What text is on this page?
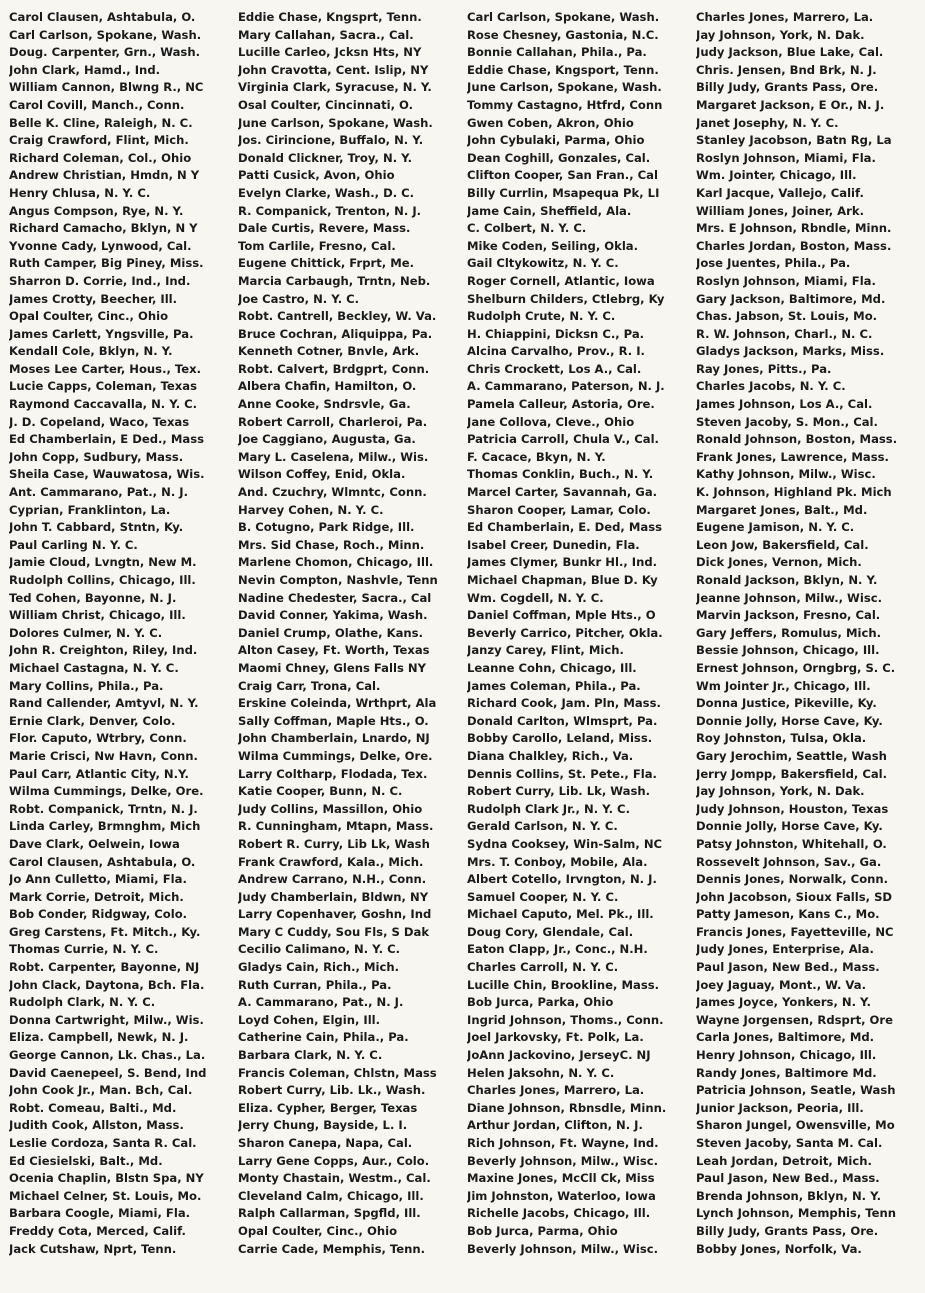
Carol Clausen, Ashtabula, O.
Carl Carlson, Spokane, Wash.
Doug. Carpenter, Grn., Wash.
John Clark, Hamd., Ind.
William Cannon, Blwng R., NC
Carol Covill, Manch., Conn.
Belle K. Cline, Raleigh, N. C.
Craig Crawford, Flint, Mich.
Richard Coleman, Col., Ohio
Andrew Christian, Hmdn, N Y
Henry Chlusa, N. Y. C.
Angus Compson, Rye, N. Y.
Richard Camacho, Bklyn, N Y
Yvonne Cady, Lynwood, Cal.
Ruth Camper, Big Piney, Miss.
Sharron D. Corrie, Ind., Ind.
James Crotty, Beecher, Ill.
Opal Coulter, Cinc., Ohio
James Carlett, Yngsville, Pa.
Kendall Cole, Bklyn, N. Y.
Moses Lee Carter, Hous., Tex.
Lucie Capps, Coleman, Texas
Raymond Caccavalla, N. Y. C.
J. D. Copeland, Waco, Texas
Ed Chamberlain, E Ded., Mass
John Copp, Sudbury, Mass.
Sheila Case, Wauwatosa, Wis.
Ant. Cammarano, Pat., N. J.
Cyprian, Franklinton, La.
John T. Cabbard, Stntn, Ky.
Paul Carling N. Y. C.
Jamie Cloud, Lvngtn, New M.
Rudolph Collins, Chicago, Ill.
Ted Cohen, Bayonne, N. J.
William Christ, Chicago, Ill.
Dolores Culmer, N. Y. C.
John R. Creighton, Riley, Ind.
Michael Castagna, N. Y. C.
Mary Collins, Phila., Pa.
Rand Callender, Amtyvl, N. Y.
Ernie Clark, Denver, Colo.
Flor. Caputo, Wtrbry, Conn.
Marie Crisci, Nw Havn, Conn.
Paul Carr, Atlantic City, N.Y.
Wilma Cummings, Delke, Ore.
Robt. Companick, Trntn, N. J.
Linda Carley, Brmnghm, Mich
Dave Clark, Oelwein, Iowa
Carol Clausen, Ashtabula, O.
Jo Ann Culletto, Miami, Fla.
Mark Corrie, Detroit, Mich.
Bob Conder, Ridgway, Colo.
Greg Carstens, Ft. Mitch., Ky.
Thomas Currie, N. Y. C.
Robt. Carpenter, Bayonne, NJ
John Clack, Daytona, Bch. Fla.
Rudolph Clark, N. Y. C.
Donna Cartwright, Milw., Wis.
Eliza. Campbell, Newk, N. J.
George Cannon, Lk. Chas., La.
David Caenepeel, S. Bend, Ind
John Cook Jr., Man. Bch, Cal.
Robt. Comeau, Balti., Md.
Judith Cook, Allston, Mass.
Leslie Cordoza, Santa R. Cal.
Ed Ciesielski, Balt., Md.
Ocenia Chaplin, Blstn Spa, NY
Michael Celner, St. Louis, Mo.
Barbara Coogle, Miami, Fla.
Freddy Cota, Merced, Calif.
Jack Cutshaw, Nprt, Tenn.
Eddie Chase, Kngsprt, Tenn.
Mary Callahan, Sacra., Cal.
Lucille Carleo, Jcksn Hts, NY
John Cravotta, Cent. Islip, NY
Virginia Clark, Syracuse, N. Y.
Osal Coulter, Cincinnati, O.
June Carlson, Spokane, Wash.
Jos. Cirincione, Buffalo, N. Y.
Donald Clickner, Troy, N. Y.
Patti Cusick, Avon, Ohio
Evelyn Clarke, Wash., D. C.
R. Companick, Trenton, N. J.
Dale Curtis, Revere, Mass.
Tom Carlile, Fresno, Cal.
Eugene Chittick, Frprt, Me.
Marcia Carbaugh, Trntn, Neb.
Joe Castro, N. Y. C.
Robt. Cantrell, Beckley, W. Va.
Bruce Cochran, Aliquippa, Pa.
Kenneth Cotner, Bnvle, Ark.
Robt. Calvert, Brdgprt, Conn.
Albera Chafin, Hamilton, O.
Anne Cooke, Sndrsvle, Ga.
Robert Carroll, Charleroi, Pa.
Joe Caggiano, Augusta, Ga.
Mary L. Caselena, Milw., Wis.
Wilson Coffey, Enid, Okla.
And. Czuchry, Wlmntc, Conn.
Harvey Cohen, N. Y. C.
B. Cotugno, Park Ridge, Ill.
Mrs. Sid Chase, Roch., Minn.
Marlene Chomon, Chicago, Ill.
Nevin Compton, Nashvle, Tenn
Nadine Chedester, Sacra., Cal
David Conner, Yakima, Wash.
Daniel Crump, Olathe, Kans.
Alton Casey, Ft. Worth, Texas
Maomi Chney, Glens Falls NY
Craig Carr, Trona, Cal.
Erskine Coleinda, Wrthprt, Ala
Sally Coffman, Maple Hts., O.
John Chamberlain, Lnardo, NJ
Wilma Cummings, Delke, Ore.
Larry Coltharp, Flodada, Tex.
Katie Cooper, Bunn, N. C.
Judy Collins, Massillon, Ohio
R. Cunningham, Mtapn, Mass.
Robert R. Curry, Lib Lk, Wash
Frank Crawford, Kala., Mich.
Andrew Carrano, N.H., Conn.
Judy Chamberlain, Bldwn, NY
Larry Copenhaver, Goshn, Ind
Mary C Cuddy, Sou Fls, S Dak
Cecilio Calimano, N. Y. C.
Gladys Cain, Rich., Mich.
Ruth Curran, Phila., Pa.
A. Cammarano, Pat., N. J.
Loyd Cohen, Elgin, Ill.
Catherine Cain, Phila., Pa.
Barbara Clark, N. Y. C.
Francis Coleman, Chlstn, Mass
Robert Curry, Lib. Lk., Wash.
Eliza. Cypher, Berger, Texas
Jerry Chung, Bayside, L. I.
Sharon Canepa, Napa, Cal.
Larry Gene Copps, Aur., Colo.
Monty Chastain, Westm., Cal.
Cleveland Calm, Chicago, Ill.
Ralph Callarman, Spgfld, Ill.
Opal Coulter, Cinc., Ohio
Carrie Cade, Memphis, Tenn.
Carl Carlson, Spokane, Wash.
Rose Chesney, Gastonia, N.C.
Bonnie Callahan, Phila., Pa.
Eddie Chase, Kngsport, Tenn.
June Carlson, Spokane, Wash.
Tommy Castagno, Htfrd, Conn
Gwen Coben, Akron, Ohio
John Cybulaki, Parma, Ohio
Dean Coghill, Gonzales, Cal.
Clifton Cooper, San Fran., Cal
Billy Currlin, Msapequa Pk, LI
Jame Cain, Sheffield, Ala.
C. Colbert, N. Y. C.
Mike Coden, Seiling, Okla.
Gail Cltykowitz, N. Y. C.
Roger Cornell, Atlantic, Iowa
Shelburn Childers, Ctlebrg, Ky
Rudolph Crute, N. Y. C.
H. Chiappini, Dicksn C., Pa.
Alcina Carvalho, Prov., R. I.
Chris Crockett, Los A., Cal.
A. Cammarano, Paterson, N. J.
Pamela Calleur, Astoria, Ore.
Jane Collova, Cleve., Ohio
Patricia Carroll, Chula V., Cal.
F. Cacace, Bkyn, N. Y.
Thomas Conklin, Buch., N. Y.
Marcel Carter, Savannah, Ga.
Sharon Cooper, Lamar, Colo.
Ed Chamberlain, E. Ded, Mass
Isabel Creer, Dunedin, Fla.
James Clymer, Bunkr Hl., Ind.
Michael Chapman, Blue D. Ky
Wm. Cogdell, N. Y. C.
Daniel Coffman, Mple Hts., O
Beverly Carrico, Pitcher, Okla.
Janzy Carey, Flint, Mich.
Leanne Cohn, Chicago, Ill.
James Coleman, Phila., Pa.
Richard Cook, Jam. Pln, Mass.
Donald Carlton, Wlmsprt, Pa.
Bobby Carollo, Leland, Miss.
Diana Chalkley, Rich., Va.
Dennis Collins, St. Pete., Fla.
Robert Curry, Lib. Lk, Wash.
Rudolph Clark Jr., N. Y. C.
Gerald Carlson, N. Y. C.
Sydna Cooksey, Win-Salm, NC
Mrs. T. Conboy, Mobile, Ala.
Albert Cotello, Irvngton, N. J.
Samuel Cooper, N. Y. C.
Michael Caputo, Mel. Pk., Ill.
Doug Cory, Glendale, Cal.
Eaton Clapp, Jr., Conc., N.H.
Charles Carroll, N. Y. C.
Lucille Chin, Brookline, Mass.
Bob Jurca, Parka, Ohio
Ingrid Johnson, Thoms., Conn.
Joel Jarkovsky, Ft. Polk, La.
JoAnn Jackovino, JerseyC. NJ
Helen Jaksohn, N. Y. C.
Charles Jones, Marrero, La.
Diane Johnson, Rbnsdle, Minn.
Arthur Jordan, Clifton, N. J.
Rich Johnson, Ft. Wayne, Ind.
Beverly Johnson, Milw., Wisc.
Maxine Jones, McCll Ck, Miss
Jim Johnston, Waterloo, Iowa
Richelle Jacobs, Chicago, Ill.
Bob Jurca, Parma, Ohio
Beverly Johnson, Milw., Wisc.
Charles Jones, Marrero, La.
Jay Johnson, York, N. Dak.
Judy Jackson, Blue Lake, Cal.
Chris. Jensen, Bnd Brk, N. J.
Billy Judy, Grants Pass, Ore.
Margaret Jackson, E Or., N. J.
Janet Josephy, N. Y. C.
Stanley Jacobson, Batn Rg, La
Roslyn Johnson, Miami, Fla.
Wm. Jointer, Chicago, Ill.
Karl Jacque, Vallejo, Calif.
William Jones, Joiner, Ark.
Mrs. E Johnson, Rbndle, Minn.
Charles Jordan, Boston, Mass.
Jose Juentes, Phila., Pa.
Roslyn Johnson, Miami, Fla.
Gary Jackson, Baltimore, Md.
Chas. Jabson, St. Louis, Mo.
R. W. Johnson, Charl., N. C.
Gladys Jackson, Marks, Miss.
Ray Jones, Pitts., Pa.
Charles Jacobs, N. Y. C.
James Johnson, Los A., Cal.
Steven Jacoby, S. Mon., Cal.
Ronald Johnson, Boston, Mass.
Frank Jones, Lawrence, Mass.
Kathy Johnson, Milw., Wisc.
K. Johnson, Highland Pk. Mich
Margaret Jones, Balt., Md.
Eugene Jamison, N. Y. C.
Leon Jow, Bakersfield, Cal.
Dick Jones, Vernon, Mich.
Ronald Jackson, Bklyn, N. Y.
Jeanne Johnson, Milw., Wisc.
Marvin Jackson, Fresno, Cal.
Gary Jeffers, Romulus, Mich.
Bessie Johnson, Chicago, Ill.
Ernest Johnson, Orngbrg, S. C.
Wm Jointer Jr., Chicago, Ill.
Donna Justice, Pikeville, Ky.
Donnie Jolly, Horse Cave, Ky.
Roy Johnston, Tulsa, Okla.
Gary Jerochim, Seattle, Wash
Jerry Jompp, Bakersfield, Cal.
Jay Johnson, York, N. Dak.
Judy Johnson, Houston, Texas
Donnie Jolly, Horse Cave, Ky.
Patsy Johnston, Whitehall, O.
Rossevelt Johnson, Sav., Ga.
Dennis Jones, Norwalk, Conn.
John Jacobson, Sioux Falls, SD
Patty Jameson, Kans C., Mo.
Francis Jones, Fayetteville, NC
Judy Jones, Enterprise, Ala.
Paul Jason, New Bed., Mass.
Joey Jaguay, Mont., W. Va.
James Joyce, Yonkers, N. Y.
Wayne Jorgensen, Rdsprt, Ore
Carla Jones, Baltimore, Md.
Henry Johnson, Chicago, Ill.
Randy Jones, Baltimore Md.
Patricia Johnson, Seatle, Wash
Junior Jackson, Peoria, Ill.
Sharon Jungel, Owensville, Mo
Steven Jacoby, Santa M. Cal.
Leah Jordan, Detroit, Mich.
Paul Jason, New Bed., Mass.
Brenda Johnson, Bklyn, N. Y.
Lynch Johnson, Memphis, Tenn
Billy Judy, Grants Pass, Ore.
Bobby Jones, Norfolk, Va.
